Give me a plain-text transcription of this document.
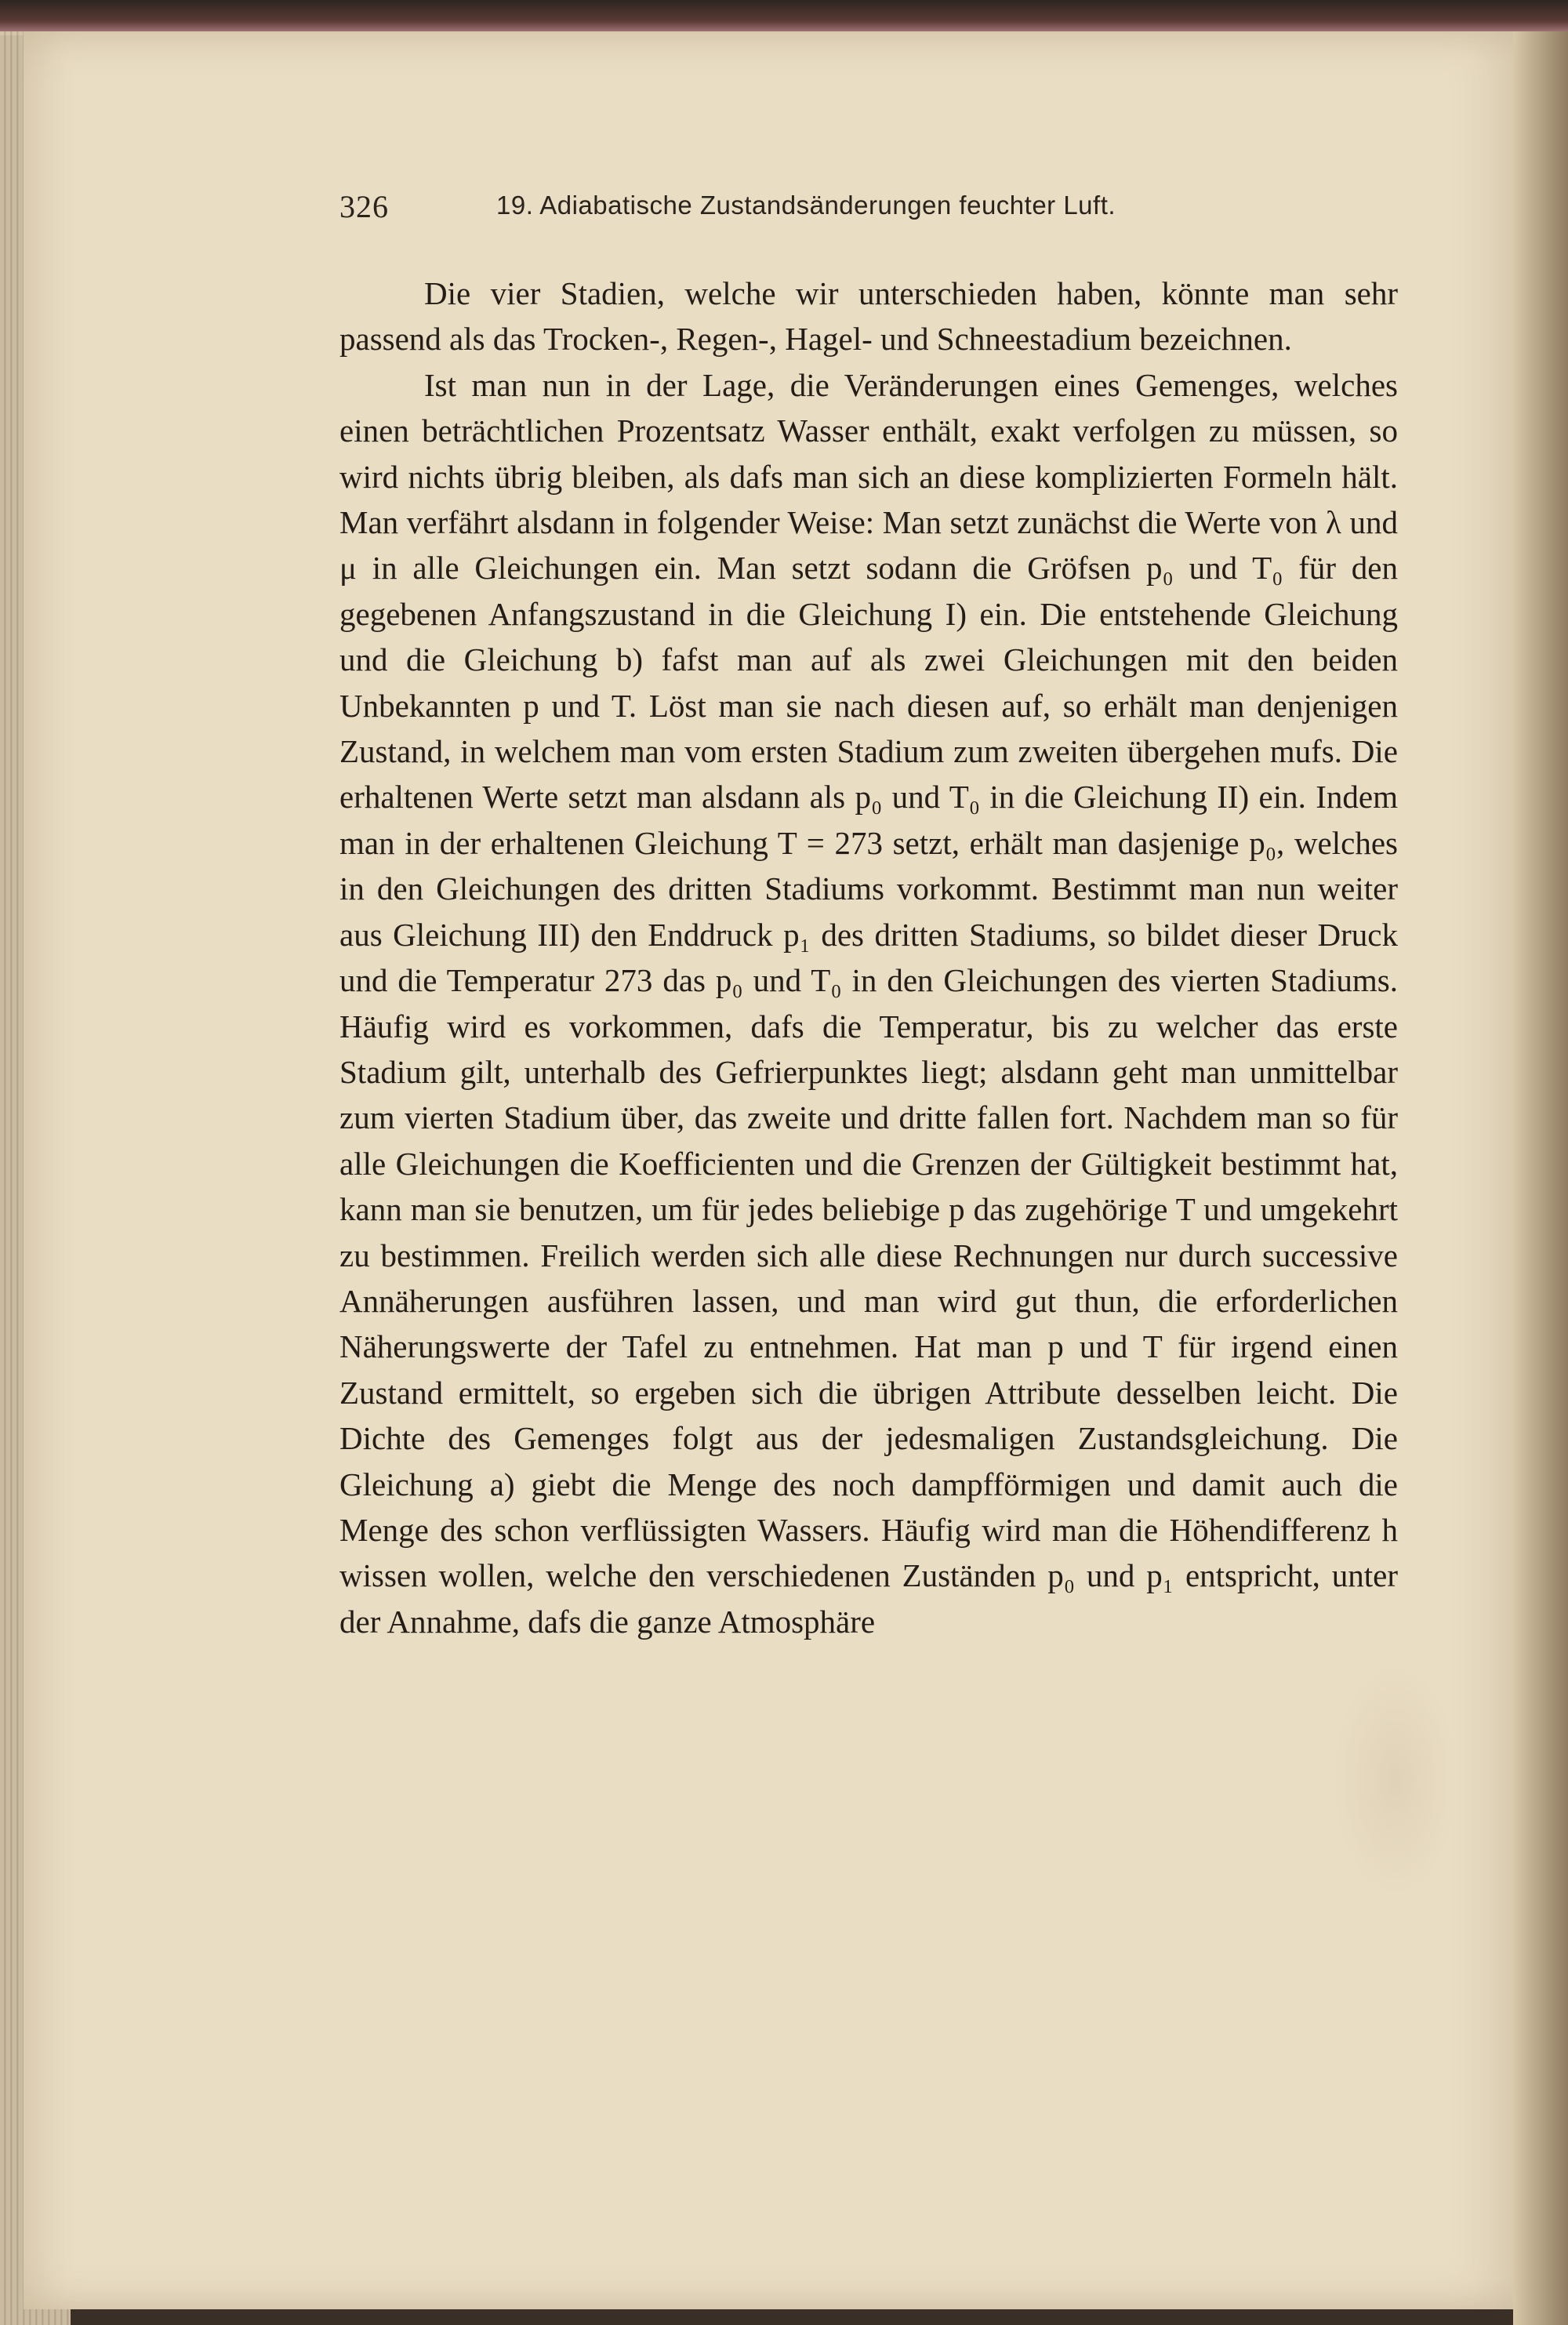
326	19. Adiabatische Zustandsänderungen feuchter Luft.

Die vier Stadien, welche wir unterschieden haben, könnte man sehr passend als das Trocken-, Regen-, Hagel- und Schneestadium bezeichnen.

Ist man nun in der Lage, die Veränderungen eines Gemenges, welches einen beträchtlichen Prozentsatz Wasser enthält, exakt verfolgen zu müssen, so wird nichts übrig bleiben, als dafs man sich an diese komplizierten Formeln hält. Man verfährt alsdann in folgender Weise: Man setzt zunächst die Werte von λ und μ in alle Gleichungen ein. Man setzt sodann die Gröfsen p₀ und T₀ für den gegebenen Anfangszustand in die Gleichung I) ein. Die entstehende Gleichung und die Gleichung b) fafst man auf als zwei Gleichungen mit den beiden Unbekannten p und T. Löst man sie nach diesen auf, so erhält man denjenigen Zustand, in welchem man vom ersten Stadium zum zweiten übergehen mufs. Die erhaltenen Werte setzt man alsdann als p₀ und T₀ in die Gleichung II) ein. Indem man in der erhaltenen Gleichung T = 273 setzt, erhält man dasjenige p₀, welches in den Gleichungen des dritten Stadiums vorkommt. Bestimmt man nun weiter aus Gleichung III) den Enddruck p₁ des dritten Stadiums, so bildet dieser Druck und die Temperatur 273 das p₀ und T₀ in den Gleichungen des vierten Stadiums. Häufig wird es vorkommen, dafs die Temperatur, bis zu welcher das erste Stadium gilt, unterhalb des Gefrierpunktes liegt; alsdann geht man unmittelbar zum vierten Stadium über, das zweite und dritte fallen fort. Nachdem man so für alle Gleichungen die Koefficienten und die Grenzen der Gültigkeit bestimmt hat, kann man sie benutzen, um für jedes beliebige p das zugehörige T und umgekehrt zu bestimmen. Freilich werden sich alle diese Rechnungen nur durch successive Annäherungen ausführen lassen, und man wird gut thun, die erforderlichen Näherungswerte der Tafel zu entnehmen. Hat man p und T für irgend einen Zustand ermittelt, so ergeben sich die übrigen Attribute desselben leicht. Die Dichte des Gemenges folgt aus der jedesmaligen Zustandsgleichung. Die Gleichung a) giebt die Menge des noch dampfförmigen und damit auch die Menge des schon verflüssigten Wassers. Häufig wird man die Höhendifferenz h wissen wollen, welche den verschiedenen Zuständen p₀ und p₁ entspricht, unter der Annahme, dafs die ganze Atmosphäre
